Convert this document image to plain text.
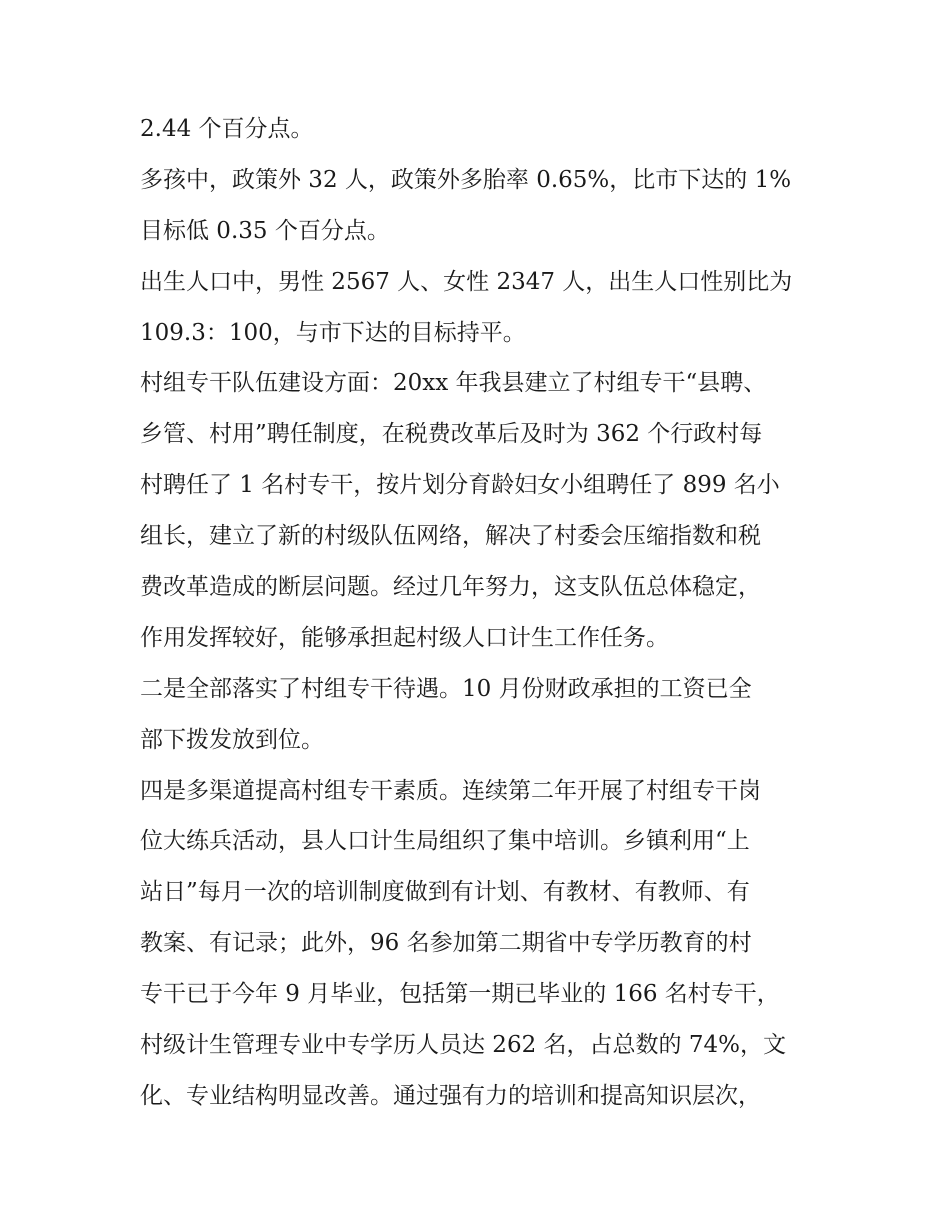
2.44 个百分点。
多孩中，政策外 32 人，政策外多胎率 0.65%，比市下达的 1%
目标低 0.35 个百分点。
出生人口中，男性 2567 人、女性 2347 人，出生人口性别比为
109.3：100，与市下达的目标持平。
村组专干队伍建设方面：20xx 年我县建立了村组专干“县聘、
乡管、村用”聘任制度，在税费改革后及时为 362 个行政村每
村聘任了 1 名村专干，按片划分育龄妇女小组聘任了 899 名小
组长，建立了新的村级队伍网络，解决了村委会压缩指数和税
费改革造成的断层问题。经过几年努力，这支队伍总体稳定，
作用发挥较好，能够承担起村级人口计生工作任务。
二是全部落实了村组专干待遇。10 月份财政承担的工资已全
部下拨发放到位。
四是多渠道提高村组专干素质。连续第二年开展了村组专干岗
位大练兵活动，县人口计生局组织了集中培训。乡镇利用“上
站日”每月一次的培训制度做到有计划、有教材、有教师、有
教案、有记录；此外，96 名参加第二期省中专学历教育的村
专干已于今年 9 月毕业，包括第一期已毕业的 166 名村专干，
村级计生管理专业中专学历人员达 262 名，占总数的 74%，文
化、专业结构明显改善。通过强有力的培训和提高知识层次，
